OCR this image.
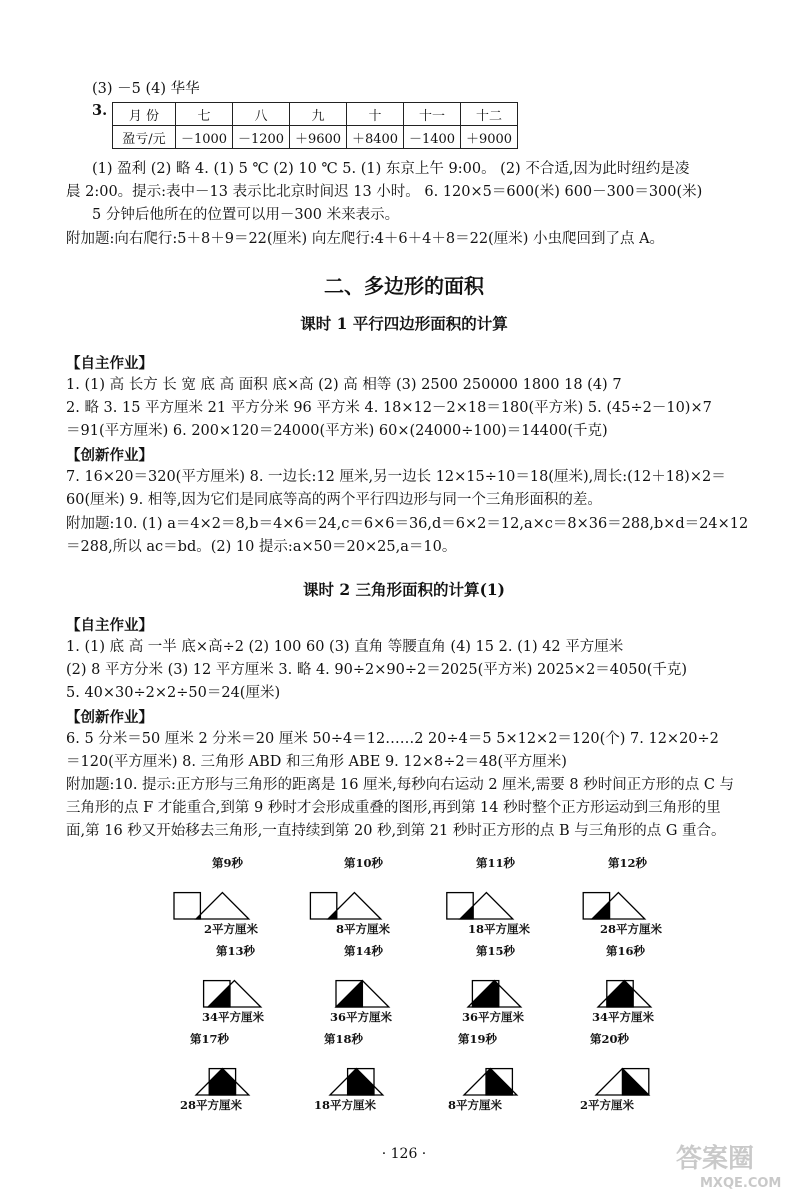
(3) －5 (4) 华华
3. 月 份	七	八	九	十	十一	十二
盈亏/元	－1000	－1200	＋9600	＋8400	－1400	＋9000
(1) 盈利 (2) 略 4. (1) 5 ℃ (2) 10 ℃ 5. (1) 东京上午 9:00。 (2) 不合适,因为此时纽约是凌
晨 2:00。提示:表中－13 表示比北京时间迟 13 小时。 6. 120×5＝600(米) 600－300＝300(米)
5 分钟后他所在的位置可以用－300 米来表示。
附加题:向右爬行:5＋8＋9＝22(厘米) 向左爬行:4＋6＋4＋8＝22(厘米) 小虫爬回到了点 A。
二、多边形的面积
课时 1 平行四边形面积的计算
【自主作业】
1. (1) 高 长方 长 宽 底 高 面积 底×高 (2) 高 相等 (3) 2500 250000 1800 18 (4) 7
2. 略 3. 15 平方厘米 21 平方分米 96 平方米 4. 18×12－2×18＝180(平方米) 5. (45÷2－10)×7
＝91(平方厘米) 6. 200×120＝24000(平方米) 60×(24000÷100)＝14400(千克)
【创新作业】
7. 16×20＝320(平方厘米) 8. 一边长:12 厘米,另一边长 12×15÷10＝18(厘米),周长:(12＋18)×2＝
60(厘米) 9. 相等,因为它们是同底等高的两个平行四边形与同一个三角形面积的差。
附加题:10. (1) a＝4×2＝8,b＝4×6＝24,c＝6×6＝36,d＝6×2＝12,a×c＝8×36＝288,b×d＝24×12
＝288,所以 ac＝bd。(2) 10 提示:a×50＝20×25,a＝10。
课时 2 三角形面积的计算(1)
【自主作业】
1. (1) 底 高 一半 底×高÷2 (2) 100 60 (3) 直角 等腰直角 (4) 15 2. (1) 42 平方厘米
(2) 8 平方分米 (3) 12 平方厘米 3. 略 4. 90÷2×90÷2＝2025(平方米) 2025×2＝4050(千克)
5. 40×30÷2×2÷50＝24(厘米)
【创新作业】
6. 5 分米＝50 厘米 2 分米＝20 厘米 50÷4＝12……2 20÷4＝5 5×12×2＝120(个) 7. 12×20÷2
＝120(平方厘米) 8. 三角形 ABD 和三角形 ABE 9. 12×8÷2＝48(平方厘米)
附加题:10. 提示:正方形与三角形的距离是 16 厘米,每秒向右运动 2 厘米,需要 8 秒时间正方形的点 C 与
三角形的点 F 才能重合,到第 9 秒时才会形成重叠的图形,再到第 14 秒时整个正方形运动到三角形的里
面,第 16 秒又开始移去三角形,一直持续到第 20 秒,到第 21 秒时正方形的点 B 与三角形的点 G 重合。
第9秒
2平方厘米
第10秒
8平方厘米
第11秒
18平方厘米
第12秒
28平方厘米
第13秒
34平方厘米
第14秒
36平方厘米
第15秒
36平方厘米
第16秒
34平方厘米
第17秒
28平方厘米
第18秒
18平方厘米
第19秒
8平方厘米
第20秒
2平方厘米
· 126 ·	答案圈
MXQE.COM
